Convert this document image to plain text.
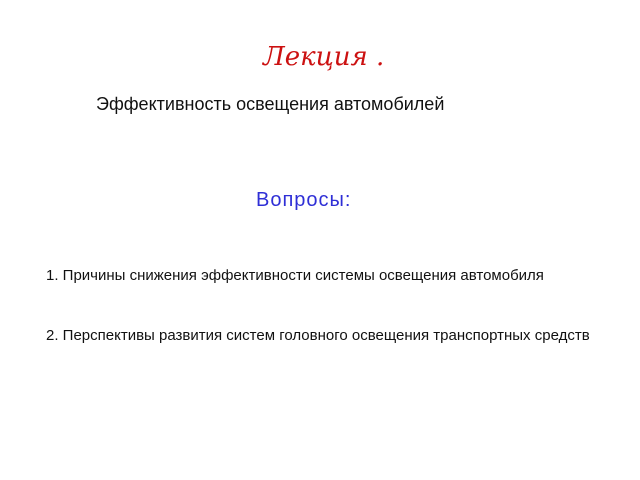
Лекция .
Эффективность освещения автомобилей
Вопросы:
1. Причины снижения эффективности системы освещения автомобиля
2. Перспективы развития систем головного освещения транспортных средств
